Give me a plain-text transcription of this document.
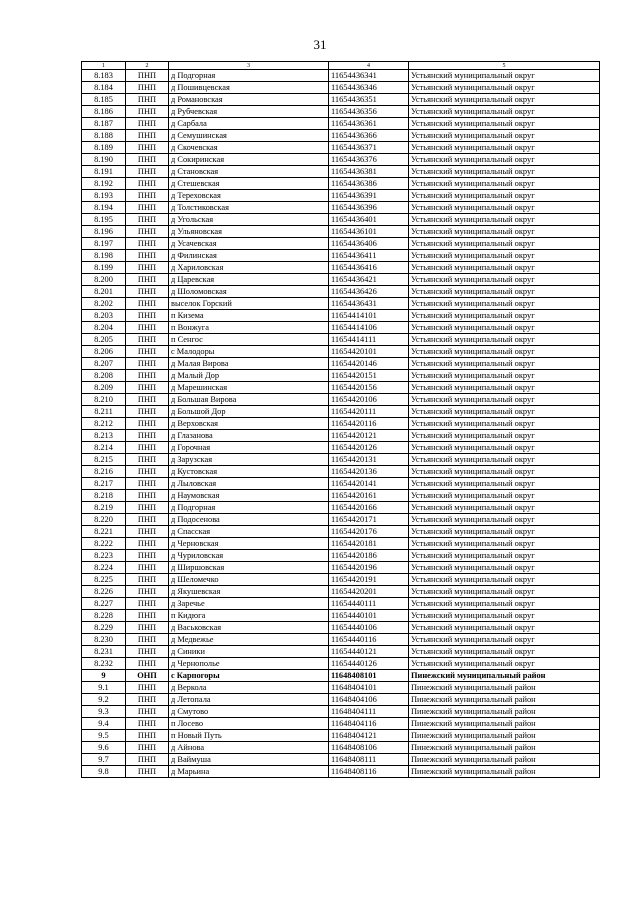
31
1	2	3	4	5
8.183	ПНП	д Подгорная	11654436341	Устьянский муниципальный округ
8.184	ПНП	д Пошивцевская	11654436346	Устьянский муниципальный округ
8.185	ПНП	д Романовская	11654436351	Устьянский муниципальный округ
8.186	ПНП	д Рубчевская	11654436356	Устьянский муниципальный округ
8.187	ПНП	д Сарбала	11654436361	Устьянский муниципальный округ
8.188	ПНП	д Семушинская	11654436366	Устьянский муниципальный округ
8.189	ПНП	д Скочевская	11654436371	Устьянский муниципальный округ
8.190	ПНП	д Сокиринская	11654436376	Устьянский муниципальный округ
8.191	ПНП	д Становская	11654436381	Устьянский муниципальный округ
8.192	ПНП	д Стешевская	11654436386	Устьянский муниципальный округ
8.193	ПНП	д Тереховская	11654436391	Устьянский муниципальный округ
8.194	ПНП	д Толстиковская	11654436396	Устьянский муниципальный округ
8.195	ПНП	д Угольская	11654436401	Устьянский муниципальный округ
8.196	ПНП	д Ульяновская	11654436101	Устьянский муниципальный округ
8.197	ПНП	д Усачевская	11654436406	Устьянский муниципальный округ
8.198	ПНП	д Филинская	11654436411	Устьянский муниципальный округ
8.199	ПНП	д Хариловская	11654436416	Устьянский муниципальный округ
8.200	ПНП	д Царевская	11654436421	Устьянский муниципальный округ
8.201	ПНП	д Шоломовская	11654436426	Устьянский муниципальный округ
8.202	ПНП	выселок Горский	11654436431	Устьянский муниципальный округ
8.203	ПНП	п Кизема	11654414101	Устьянский муниципальный округ
8.204	ПНП	п Вонжуга	11654414106	Устьянский муниципальный округ
8.205	ПНП	п Сенгос	11654414111	Устьянский муниципальный округ
8.206	ПНП	с Малодоры	11654420101	Устьянский муниципальный округ
8.207	ПНП	д Малая Вирова	11654420146	Устьянский муниципальный округ
8.208	ПНП	д Малый Дор	11654420151	Устьянский муниципальный округ
8.209	ПНП	д Марешинская	11654420156	Устьянский муниципальный округ
8.210	ПНП	д Большая Вирова	11654420106	Устьянский муниципальный округ
8.211	ПНП	д Большой Дор	11654420111	Устьянский муниципальный округ
8.212	ПНП	д Верховская	11654420116	Устьянский муниципальный округ
8.213	ПНП	д Глазанова	11654420121	Устьянский муниципальный округ
8.214	ПНП	д Горочная	11654420126	Устьянский муниципальный округ
8.215	ПНП	д Зарузская	11654420131	Устьянский муниципальный округ
8.216	ПНП	д Кустовская	11654420136	Устьянский муниципальный округ
8.217	ПНП	д Лыловская	11654420141	Устьянский муниципальный округ
8.218	ПНП	д Наумовская	11654420161	Устьянский муниципальный округ
8.219	ПНП	д Подгорная	11654420166	Устьянский муниципальный округ
8.220	ПНП	д Подосенова	11654420171	Устьянский муниципальный округ
8.221	ПНП	д Спасская	11654420176	Устьянский муниципальный округ
8.222	ПНП	д Черновская	11654420181	Устьянский муниципальный округ
8.223	ПНП	д Чуриловская	11654420186	Устьянский муниципальный округ
8.224	ПНП	д Ширшовская	11654420196	Устьянский муниципальный округ
8.225	ПНП	д Шеломечко	11654420191	Устьянский муниципальный округ
8.226	ПНП	д Якушевская	11654420201	Устьянский муниципальный округ
8.227	ПНП	д Заречье	11654440111	Устьянский муниципальный округ
8.228	ПНП	п Кидюга	11654440101	Устьянский муниципальный округ
8.229	ПНП	д Васьковская	11654440106	Устьянский муниципальный округ
8.230	ПНП	д Медвежье	11654440116	Устьянский муниципальный округ
8.231	ПНП	д Синики	11654440121	Устьянский муниципальный округ
8.232	ПНП	д Чернополье	11654440126	Устьянский муниципальный округ
9	ОНП	с Карпогоры	11648408101	Пинежский муниципальный район
9.1	ПНП	д Веркола	11648404101	Пинежский муниципальный район
9.2	ПНП	д Летопала	11648404106	Пинежский муниципальный район
9.3	ПНП	д Смутово	11648404111	Пинежский муниципальный район
9.4	ПНП	п Лосево	11648404116	Пинежский муниципальный район
9.5	ПНП	п Новый Путь	11648404121	Пинежский муниципальный район
9.6	ПНП	д Айнова	11648408106	Пинежский муниципальный район
9.7	ПНП	д Ваймуша	11648408111	Пинежский муниципальный район
9.8	ПНП	д Марьина	11648408116	Пинежский муниципальный район
